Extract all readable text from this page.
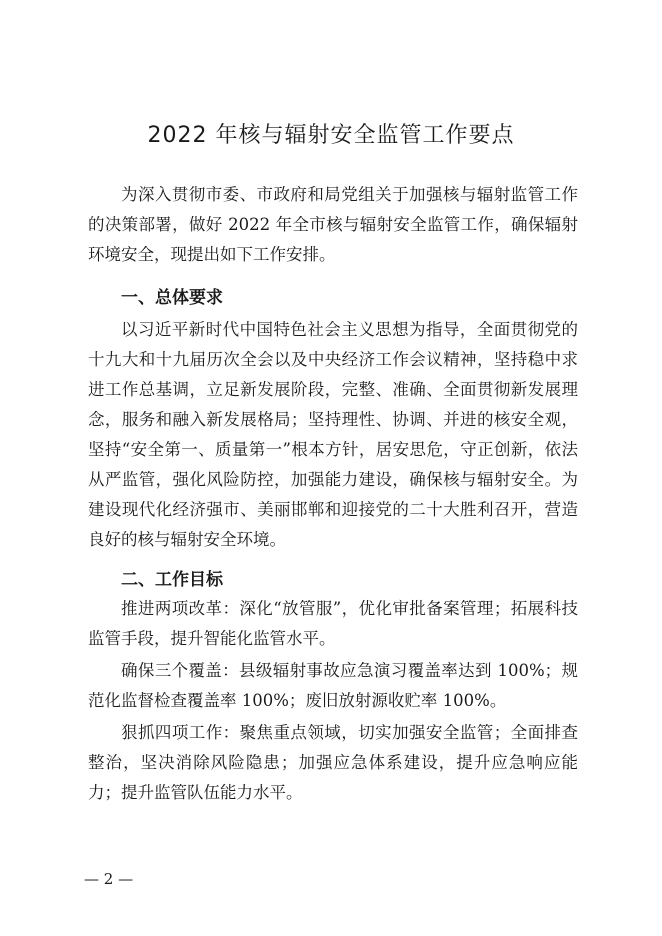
2022 年核与辐射安全监管工作要点
为深入贯彻市委、市政府和局党组关于加强核与辐射监管工作的决策部署，做好 2022 年全市核与辐射安全监管工作，确保辐射环境安全，现提出如下工作安排。
一、总体要求
以习近平新时代中国特色社会主义思想为指导，全面贯彻党的十九大和十九届历次全会以及中央经济工作会议精神，坚持稳中求进工作总基调，立足新发展阶段，完整、准确、全面贯彻新发展理念，服务和融入新发展格局；坚持理性、协调、并进的核安全观，坚持“安全第一、质量第一”根本方针，居安思危，守正创新，依法从严监管，强化风险防控，加强能力建设，确保核与辐射安全。为建设现代化经济强市、美丽邯郸和迎接党的二十大胜利召开，营造良好的核与辐射安全环境。
二、工作目标
推进两项改革：深化“放管服”，优化审批备案管理；拓展科技监管手段，提升智能化监管水平。
确保三个覆盖：县级辐射事故应急演习覆盖率达到 100%；规范化监督检查覆盖率 100%；废旧放射源收贮率 100%。
狠抓四项工作：聚焦重点领域，切实加强安全监管；全面排查整治，坚决消除风险隐患；加强应急体系建设，提升应急响应能力；提升监管队伍能力水平。
— 2 —
